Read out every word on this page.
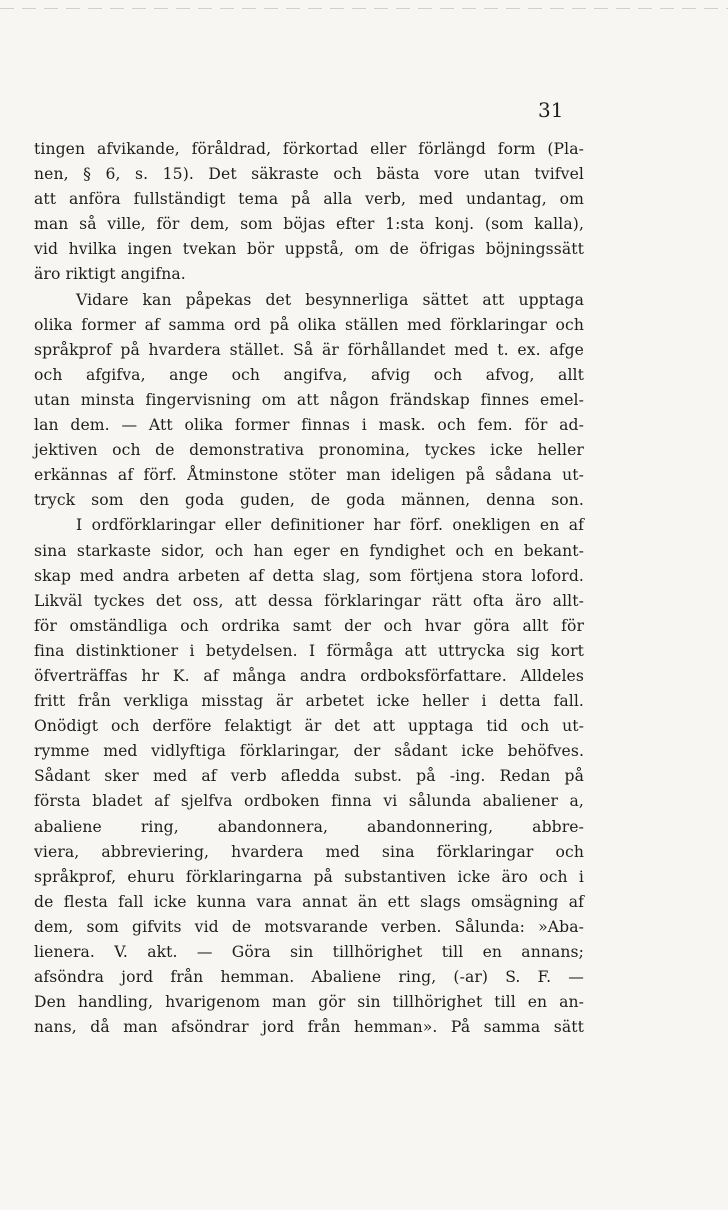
31
tingen afvikande, föråldrad, förkortad eller förlängd form (Pla-
nen, § 6, s. 15). Det säkraste och bästa vore utan tvifvel
att anföra fullständigt tema på alla verb, med undantag, om
man så ville, för dem, som böjas efter 1:sta konj. (som kalla),
vid hvilka ingen tvekan bör uppstå, om de öfrigas böjningssätt
äro riktigt angifna.
Vidare kan påpekas det besynnerliga sättet att upptaga
olika former af samma ord på olika ställen med förklaringar och
språkprof på hvardera stället. Så är förhållandet med t. ex. afge
och afgifva, ange och angifva, afvig och afvog, allt
utan minsta fingervisning om att någon frändskap finnes emel-
lan dem. — Att olika former finnas i mask. och fem. för ad-
jektiven och de demonstrativa pronomina, tyckes icke heller
erkännas af förf. Åtminstone stöter man ideligen på sådana ut-
tryck som den goda guden, de goda männen, denna son.
I ordförklaringar eller definitioner har förf. onekligen en af
sina starkaste sidor, och han eger en fyndighet och en bekant-
skap med andra arbeten af detta slag, som förtjena stora loford.
Likväl tyckes det oss, att dessa förklaringar rätt ofta äro allt-
för omständliga och ordrika samt der och hvar göra allt för
fina distinktioner i betydelsen. I förmåga att uttrycka sig kort
öfverträffas hr K. af många andra ordboksförfattare. Alldeles
fritt från verkliga misstag är arbetet icke heller i detta fall.
Onödigt och derföre felaktigt är det att upptaga tid och ut-
rymme med vidlyftiga förklaringar, der sådant icke behöfves.
Sådant sker med af verb afledda subst. på -ing. Redan på
första bladet af sjelfva ordboken finna vi sålunda abaliener a,
abaliene ring, abandonnera, abandonnering, abbre-
viera, abbreviering, hvardera med sina förklaringar och
språkprof, ehuru förklaringarna på substantiven icke äro och i
de flesta fall icke kunna vara annat än ett slags omsägning af
dem, som gifvits vid de motsvarande verben. Sålunda: »Aba-
lienera. V. akt. — Göra sin tillhörighet till en annans;
afsöndra jord från hemman. Abaliene ring, (-ar) S. F. —
Den handling, hvarigenom man gör sin tillhörighet till en an-
nans, då man afsöndrar jord från hemman». På samma sätt
